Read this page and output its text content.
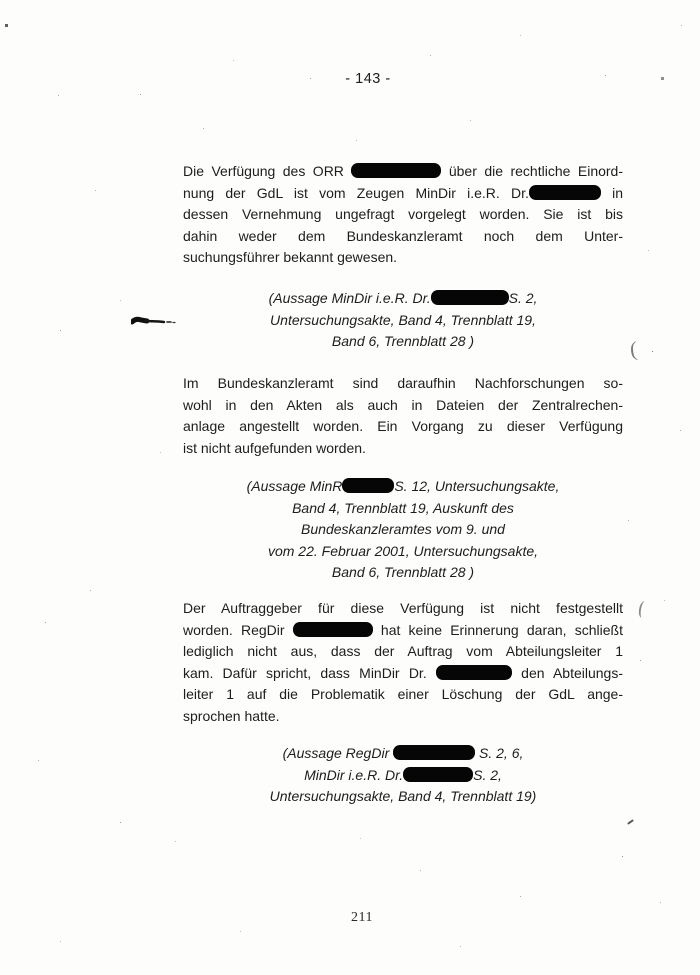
- 143 -
Die Verfügung des ORR	über die rechtliche Einord-
nung der GdL ist vom Zeugen MinDir i.e.R. Dr.	in
dessen Vernehmung ungefragt vorgelegt worden. Sie ist bis
dahin weder dem Bundeskanzleramt noch dem Unter-
suchungsführer bekannt gewesen.
(Aussage MinDir i.e.R. Dr.	S. 2,
Untersuchungsakte, Band 4, Trennblatt 19,
Band 6, Trennblatt 28 )
Im Bundeskanzleramt sind daraufhin Nachforschungen so-
wohl in den Akten als auch in Dateien der Zentralrechen-
anlage angestellt worden. Ein Vorgang zu dieser Verfügung
ist nicht aufgefunden worden.
(Aussage MinR	S. 12, Untersuchungsakte,
Band 4, Trennblatt 19, Auskunft des
Bundeskanzleramtes vom 9. und
vom 22. Februar 2001, Untersuchungsakte,
Band 6, Trennblatt 28 )
Der Auftraggeber für diese Verfügung ist nicht festgestellt
worden. RegDir	hat keine Erinnerung daran, schließt
lediglich nicht aus, dass der Auftrag vom Abteilungsleiter 1
kam. Dafür spricht, dass MinDir Dr.	den Abteilungs-
leiter 1 auf die Problematik einer Löschung der GdL ange-
sprochen hatte.
(Aussage RegDir	S. 2, 6,
MinDir i.e.R. Dr.	S. 2,
Untersuchungsakte, Band 4, Trennblatt 19)
(
211
